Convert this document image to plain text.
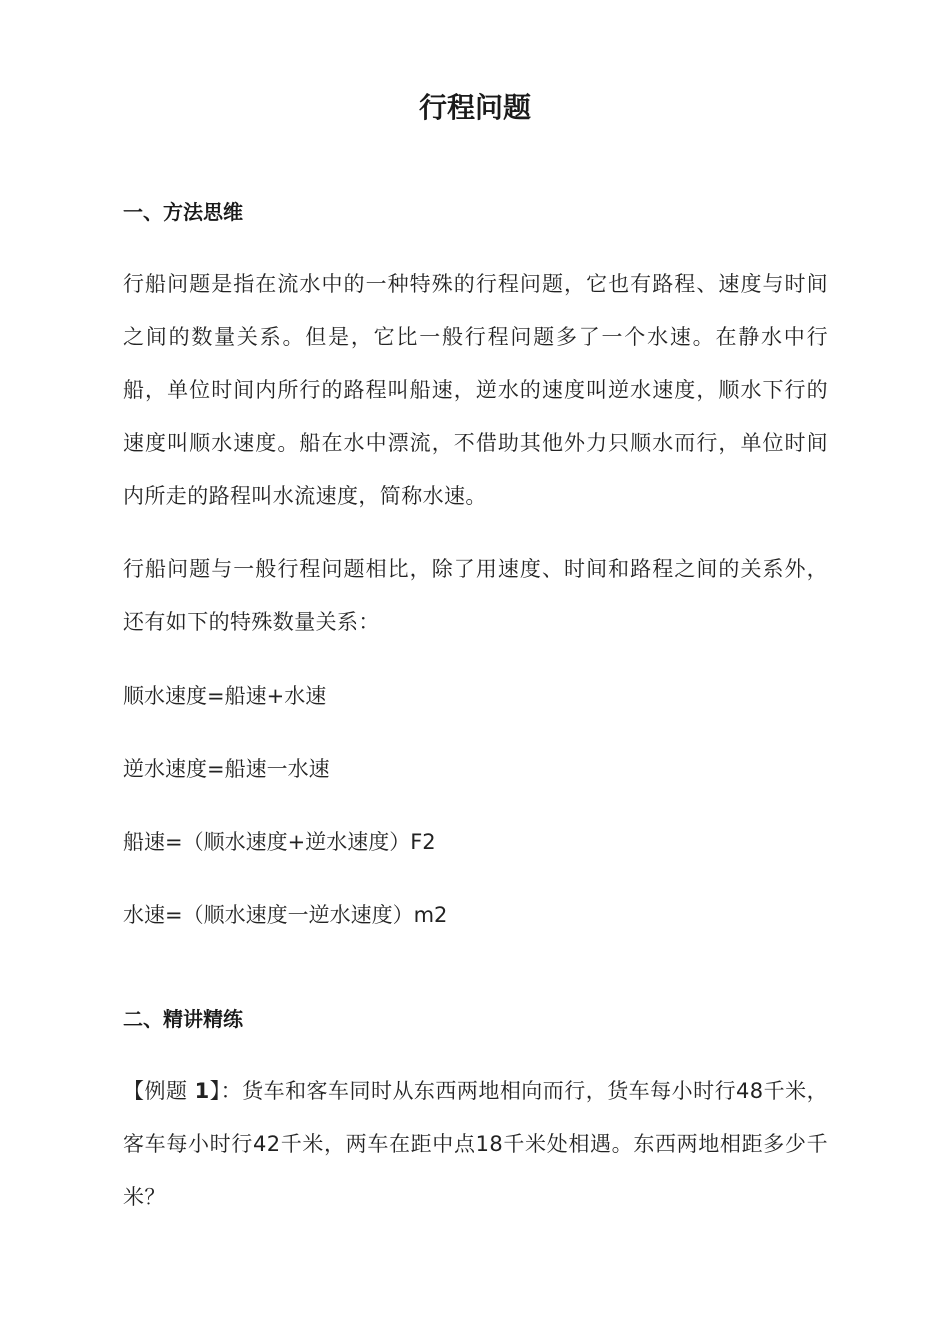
行程问题
一、方法思维
行船问题是指在流水中的一种特殊的行程问题，它也有路程、速度与时间之间的数量关系。但是，它比一般行程问题多了一个水速。在静水中行船，单位时间内所行的路程叫船速，逆水的速度叫逆水速度，顺水下行的速度叫顺水速度。船在水中漂流，不借助其他外力只顺水而行，单位时间内所走的路程叫水流速度，简称水速。
行船问题与一般行程问题相比，除了用速度、时间和路程之间的关系外，还有如下的特殊数量关系：
顺水速度=船速+水速
逆水速度=船速一水速
船速=（顺水速度+逆水速度）F2
水速=（顺水速度一逆水速度）m2
二、精讲精练
【例题 1】：货车和客车同时从东西两地相向而行，货车每小时行48千米，客车每小时行42千米，两车在距中点18千米处相遇。东西两地相距多少千米？
